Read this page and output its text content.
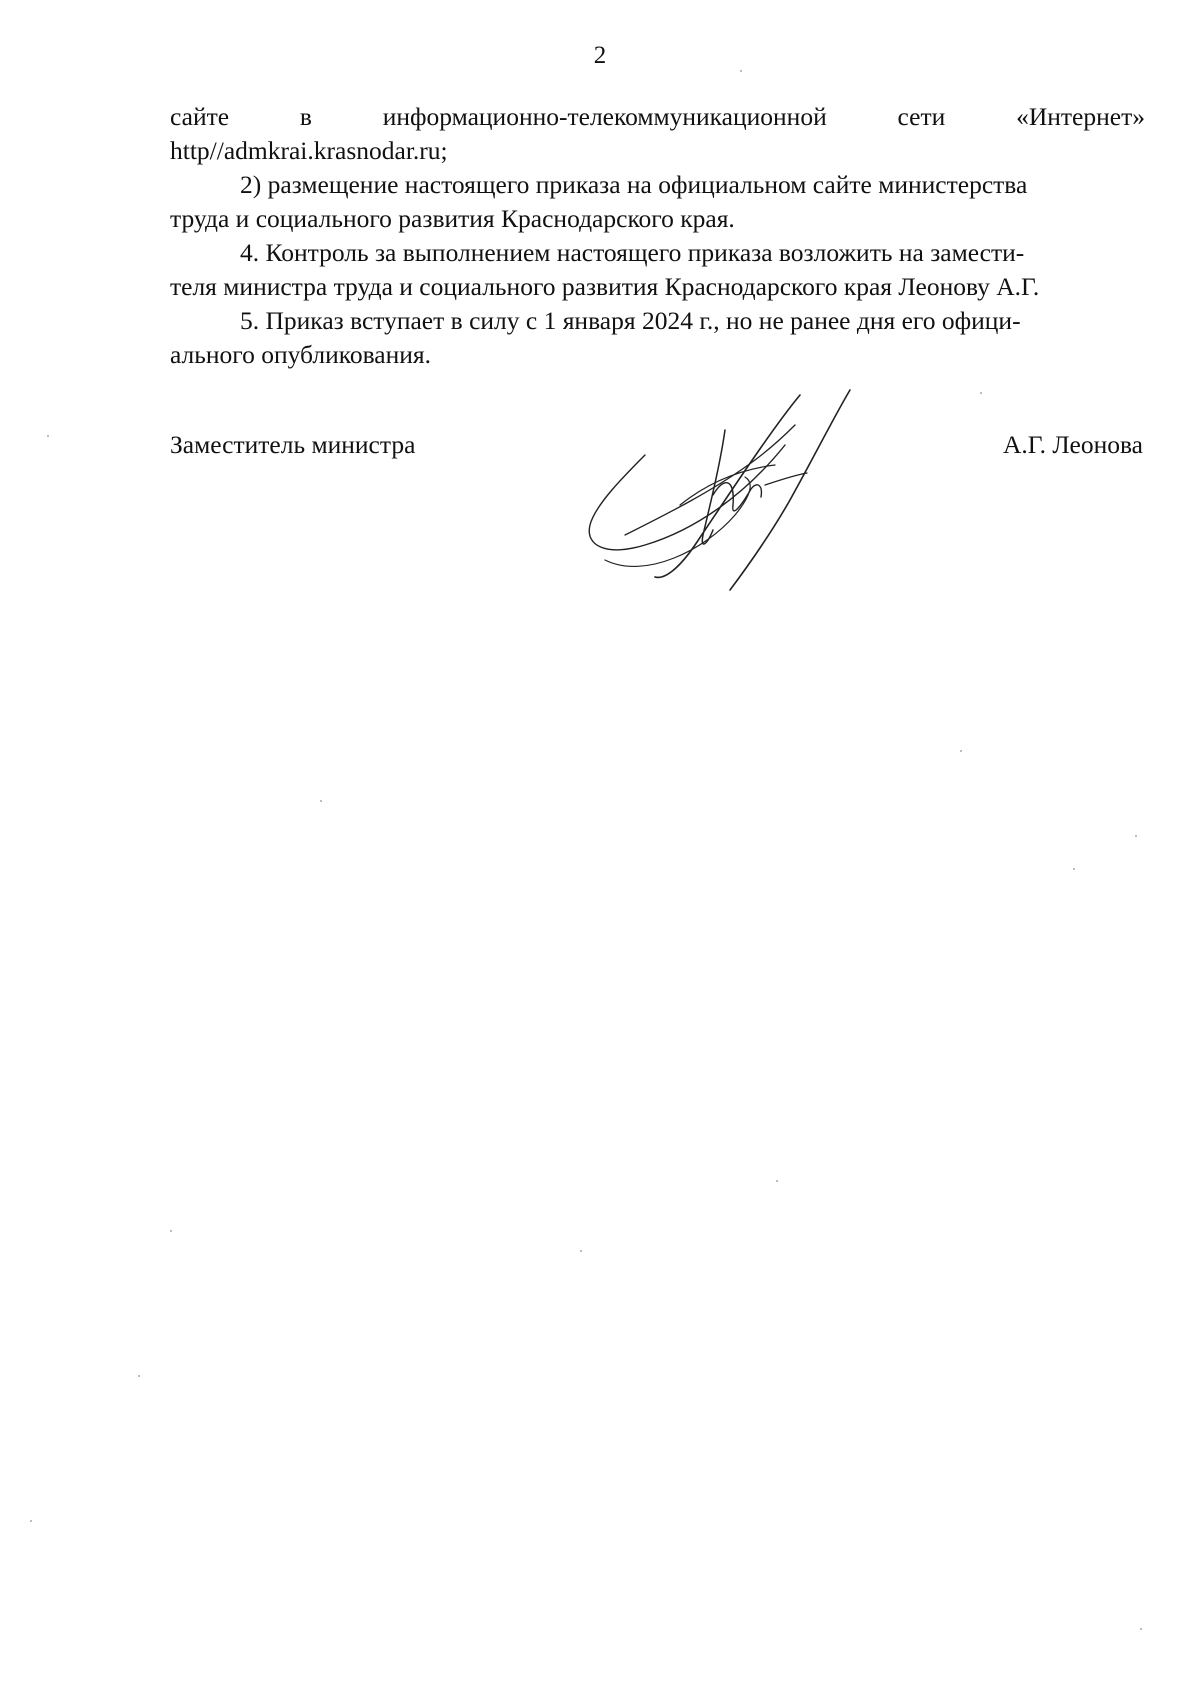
2
сайте	в	информационно-телекоммуникационной	сети	«Интернет»
http//admkrai.krasnodar.ru;
2) размещение настоящего приказа на официальном сайте министерства
труда и социального развития Краснодарского края.
4. Контроль за выполнением настоящего приказа возложить на замести-
теля министра труда и социального развития Краснодарского края Леонову А.Г.
5. Приказ вступает в силу с 1 января 2024 г., но не ранее дня его офици-
ального опубликования.
Заместитель министра	А.Г. Леонова
